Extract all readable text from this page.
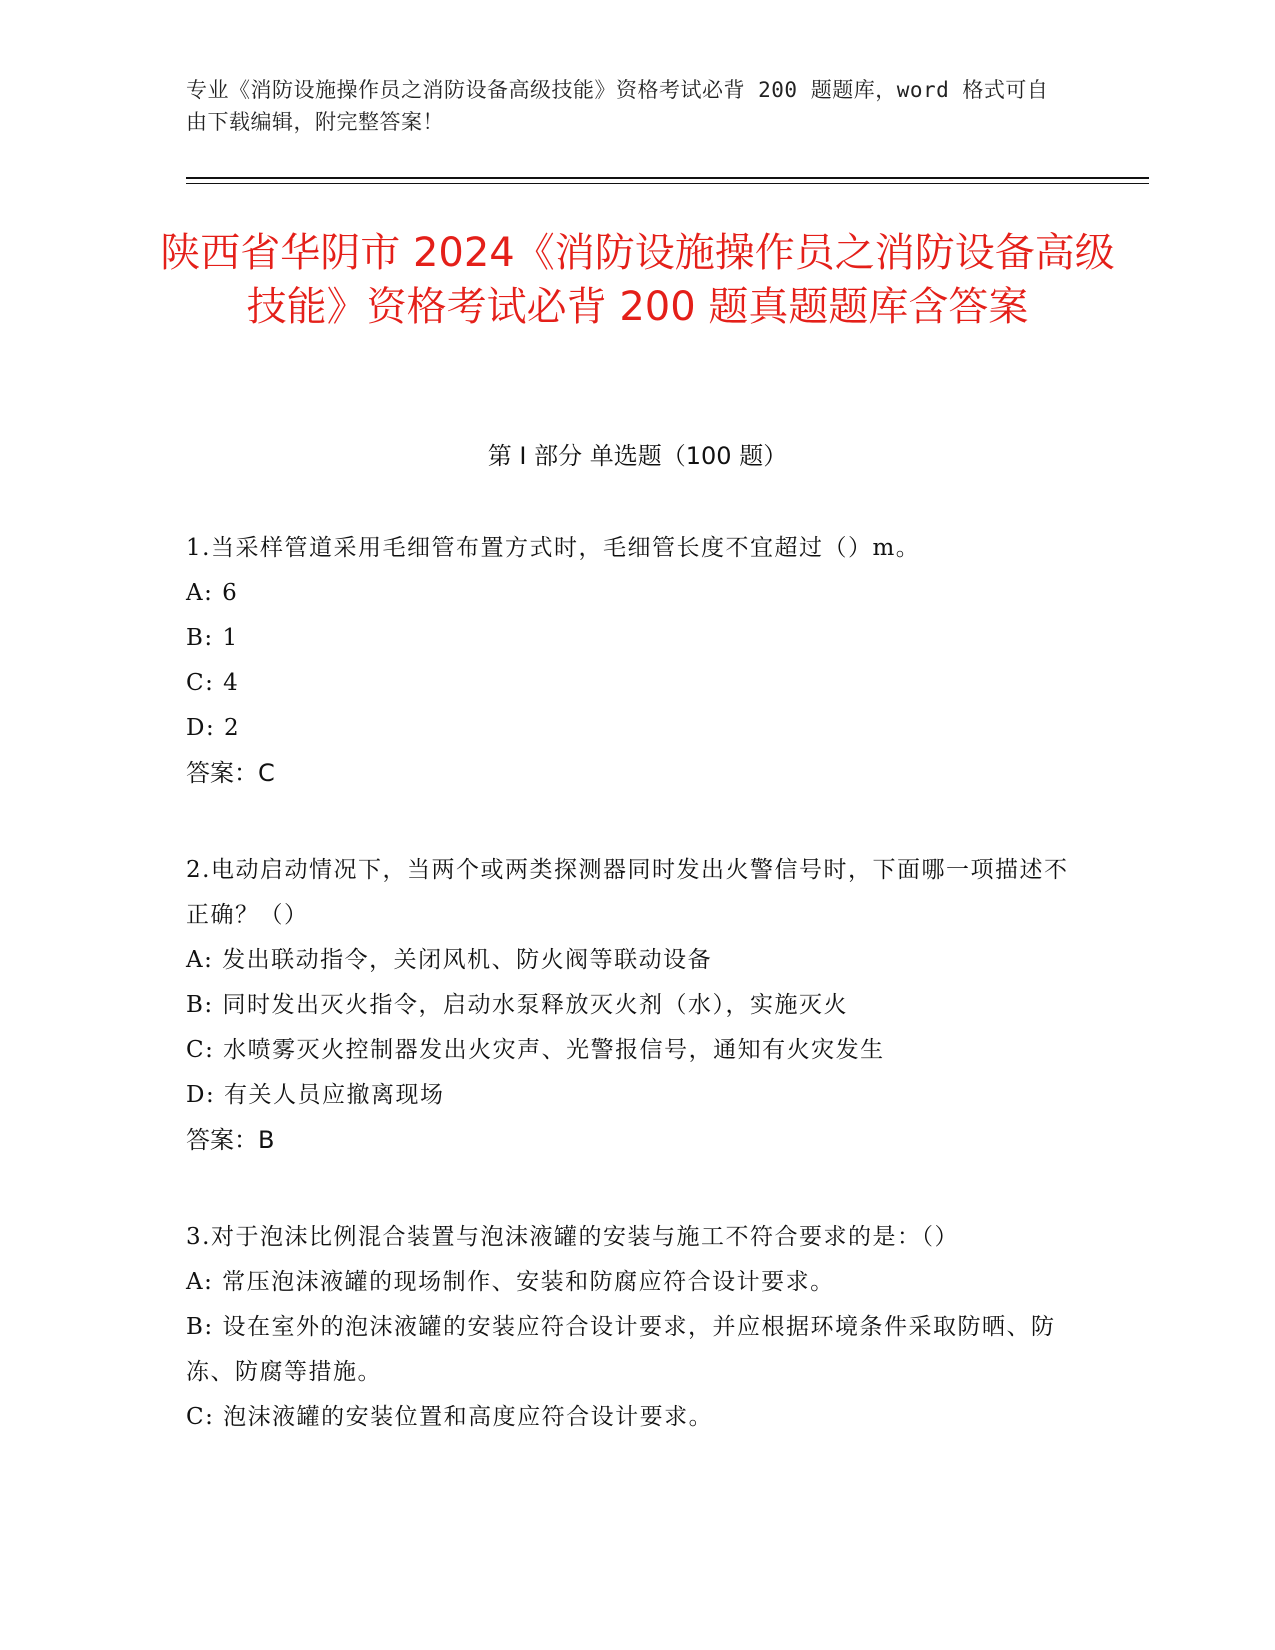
专业《消防设施操作员之消防设备高级技能》资格考试必背 200 题题库，word 格式可自由下载编辑，附完整答案！
陕西省华阴市 2024《消防设施操作员之消防设备高级技能》资格考试必背 200 题真题题库含答案
第 I 部分 单选题（100 题）
1.当采样管道采用毛细管布置方式时，毛细管长度不宜超过（）m。
A: 6
B: 1
C: 4
D: 2
答案：C
2.电动启动情况下，当两个或两类探测器同时发出火警信号时，下面哪一项描述不正确？（）
A: 发出联动指令，关闭风机、防火阀等联动设备
B: 同时发出灭火指令，启动水泵释放灭火剂（水），实施灭火
C: 水喷雾灭火控制器发出火灾声、光警报信号，通知有火灾发生
D: 有关人员应撤离现场
答案：B
3.对于泡沫比例混合装置与泡沫液罐的安装与施工不符合要求的是：（）
A: 常压泡沫液罐的现场制作、安装和防腐应符合设计要求。
B: 设在室外的泡沫液罐的安装应符合设计要求，并应根据环境条件采取防晒、防冻、防腐等措施。
C: 泡沫液罐的安装位置和高度应符合设计要求。
